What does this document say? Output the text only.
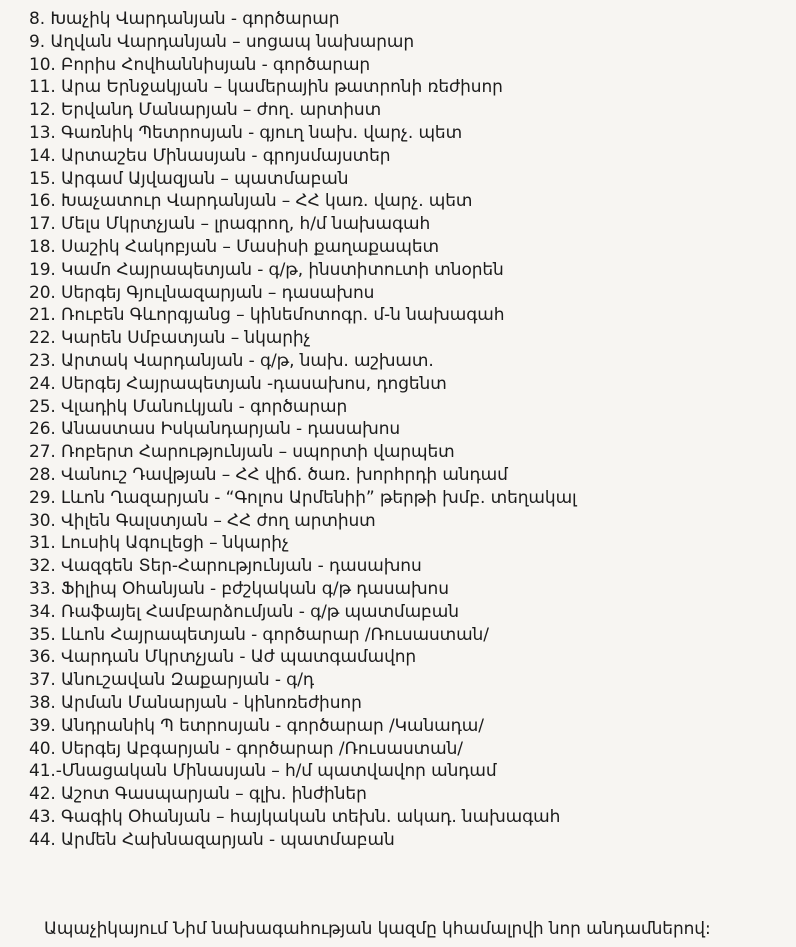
8. Խաչիկ Վարդանյան - գործարար
9. Աղվան Վարդանյան – սոցապ նախարար
10. Բորիս Հովհաննիսյան - գործարար
11. Արա Երնջակյան – կամերային թատրոնի ռեժիսոր
12. Երվանդ Մանարյան – ժող. արտիստ
13. Գառնիկ Պետրոսյան - գյուղ նախ. վարչ. պետ
14. Արտաշես Մինասյան - գրոյսմայստեր
15. Արգամ Այվազյան – պատմաբան
16. Խաչատուր Վարդանյան – ՀՀ կառ. վարչ. պետ
17. Մելս Մկրտչյան – լրագրող, հ/մ նախագահ
18. Սաշիկ Հակոբյան – Մասիսի քաղաքապետ
19. Կամո Հայրապետյան - գ/թ, ինստիտուտի տնօրեն
20. Սերգեյ Գյուլնազարյան – դասախոս
21. Ռուբեն Գևորգյանց – կինեմոտոգր. մ-ն նախագահ
22. Կարեն Սմբատյան – նկարիչ
23. Արտակ Վարդանյան - գ/թ, նախ. աշխատ.
24. Սերգեյ Հայրապետյան -դասախոս, դոցենտ
25. Վլադիկ Մանուկյան - գործարար
26. Անաստաս Իսկանդարյան - դասախոս
27. Ռոբերտ Հարությունյան – սպորտի վարպետ
28. Վանուշ Դավթյան – ՀՀ վիճ. ծառ. խորհրդի անդամ
29. Լևոն Ղազարյան - “Գոլոս Արմենիի” թերթի խմբ. տեղակալ
30. Վիլեն Գալստյան – ՀՀ ժող արտիստ
31. Լուսիկ Ագուլեցի – նկարիչ
32. Վազգեն Տեր-Հարությունյան - դասախոս
33. Ֆիլիպ Օհանյան - բժշկական գ/թ դասախոս
34. Ռաֆայել Համբարձումյան - գ/թ պատմաբան
35. Լևոն Հայրապետյան - գործարար /Ռուսաստան/
36. Վարդան Մկրտչյան - Աժ պատգամավոր
37. Անուշավան Զաքարյան - գ/դ
38. Արման Մանարյան - կինոռեժիսոր
39. Անդրանիկ Պ ետրոսյան - գործարար /Կանադա/
40. Սերգեյ Աբգարյան - գործարար /Ռուսաստան/
41.-Մնացական Մինասյան – հ/մ պատվավոր անդամ
42. Աշոտ Գասպարյան – գլխ. ինժիներ
43. Գագիկ Օհանյան – հայկական տեխն. ակադ. նախագահ
44. Արմեն Հախնազարյան - պատմաբան

Ապաչիկայում Նիմ նախագահության կազմը կհամալրվի նոր անդամներով:
